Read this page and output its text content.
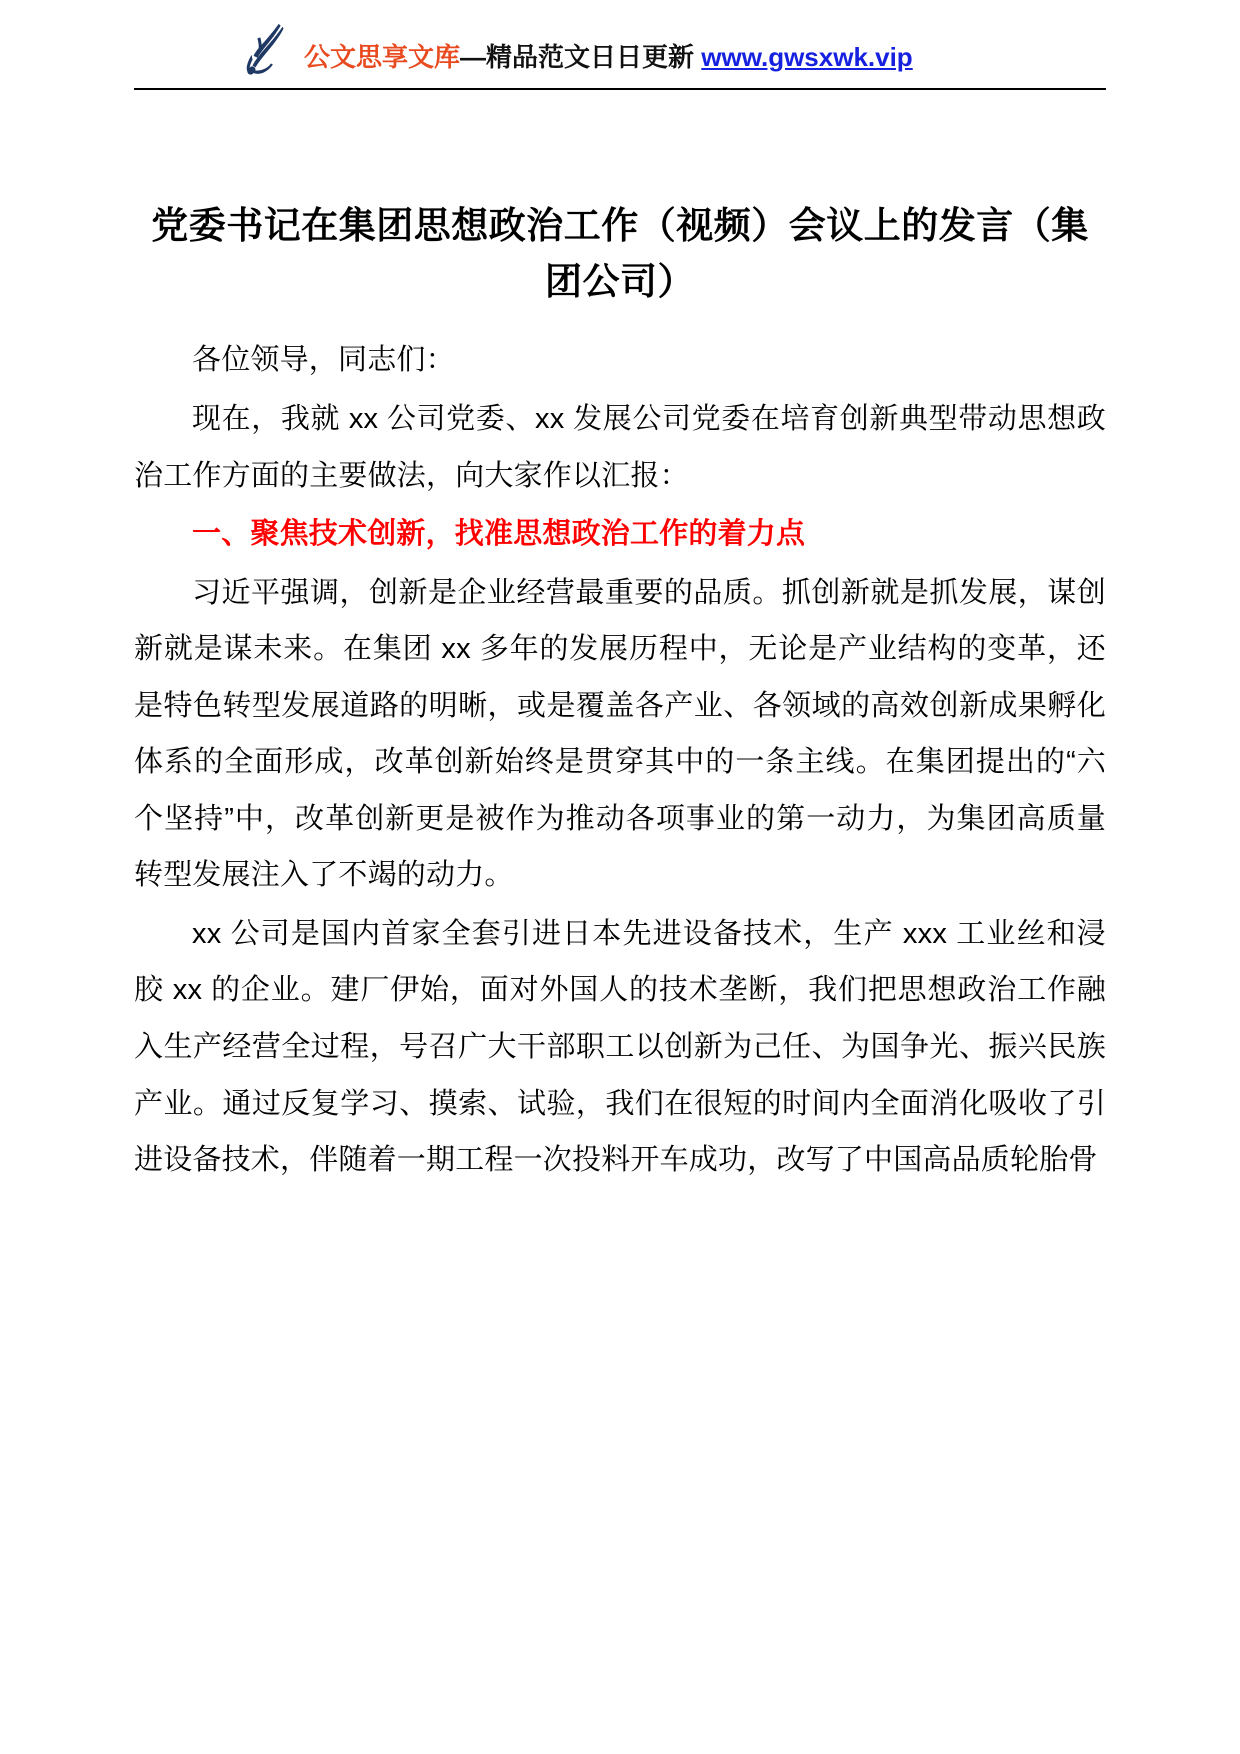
公文思享文库—精品范文日日更新 www.gwsxwk.vip
党委书记在集团思想政治工作（视频）会议上的发言（集团公司）

各位领导，同志们：

现在，我就 xx 公司党委、xx 发展公司党委在培育创新典型带动思想政治工作方面的主要做法，向大家作以汇报：

一、聚焦技术创新，找准思想政治工作的着力点

习近平强调，创新是企业经营最重要的品质。抓创新就是抓发展，谋创新就是谋未来。在集团 xx 多年的发展历程中，无论是产业结构的变革，还是特色转型发展道路的明晰，或是覆盖各产业、各领域的高效创新成果孵化体系的全面形成，改革创新始终是贯穿其中的一条主线。在集团提出的“六个坚持”中，改革创新更是被作为推动各项事业的第一动力，为集团高质量转型发展注入了不竭的动力。

xx 公司是国内首家全套引进日本先进设备技术，生产 xxx 工业丝和浸胶 xx 的企业。建厂伊始，面对外国人的技术垄断，我们把思想政治工作融入生产经营全过程，号召广大干部职工以创新为己任、为国争光、振兴民族产业。通过反复学习、摸索、试验，我们在很短的时间内全面消化吸收了引进设备技术，伴随着一期工程一次投料开车成功，改写了中国高品质轮胎骨
